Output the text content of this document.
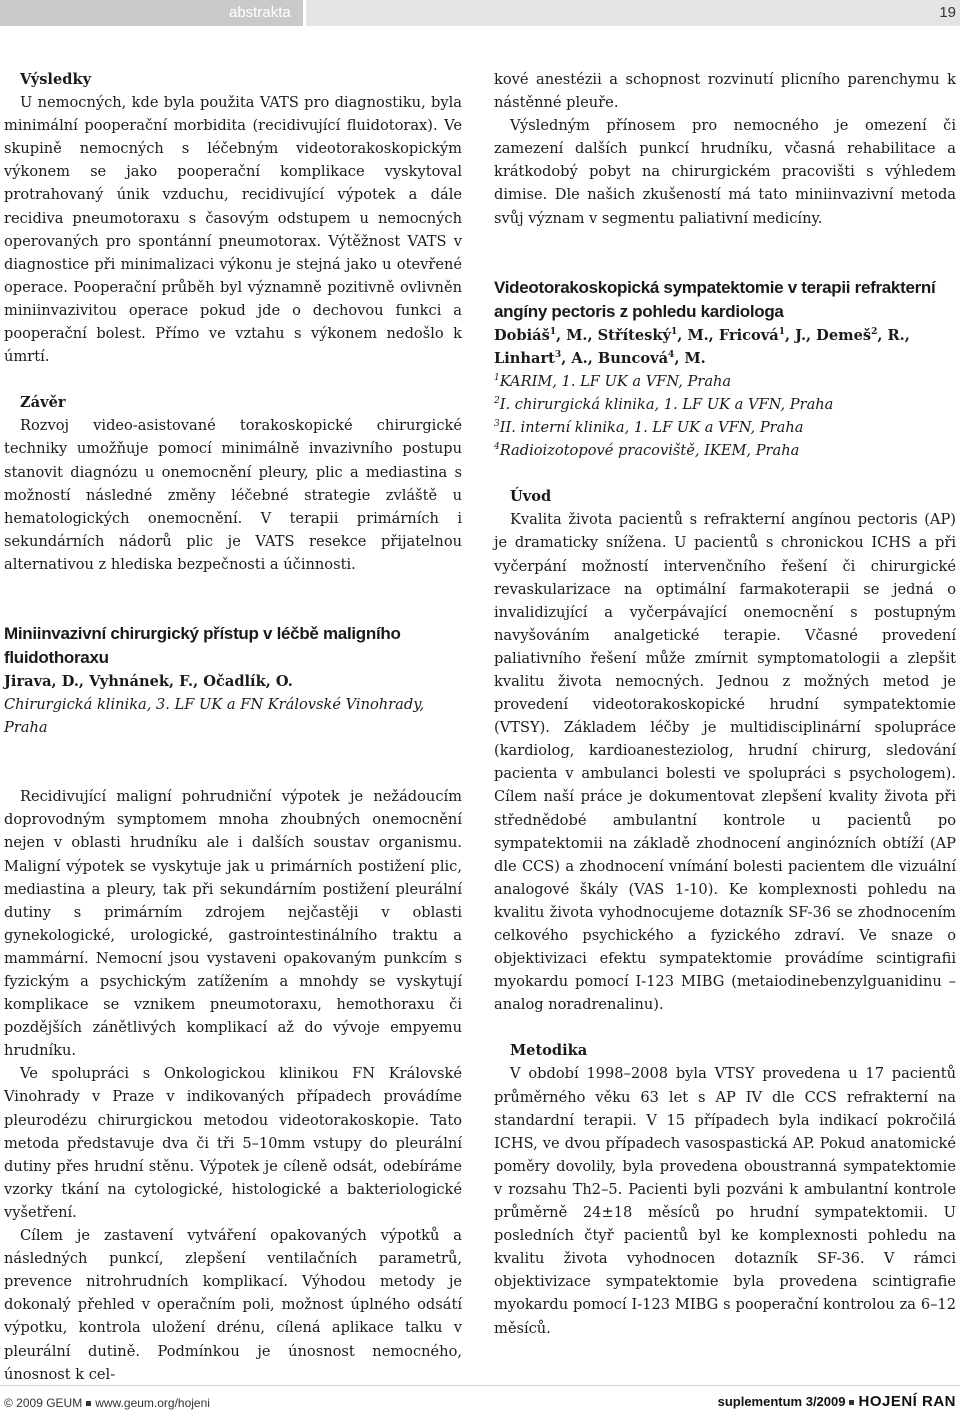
abstrakta	19
Výsledky

U nemocných, kde byla použita VATS pro diagnostiku, byla minimální pooperační morbidita (recidivující fluidotorax). Ve skupině nemocných s léčebným videotorakoskopickým výkonem se jako pooperační komplikace vyskytoval protrahovaný únik vzduchu, recidivující výpotek a dále recidiva pneumotoraxu s časovým odstupem u nemocných operovaných pro spontánní pneumotorax. Výtěžnost VATS v diagnostice při minimalizaci výkonu je stejná jako u otevřené operace. Pooperační průběh byl významně pozitivně ovlivněn miniinvazivitou operace pokud jde o dechovou funkci a pooperační bolest. Přímo ve vztahu s výkonem nedošlo k úmrtí.

Závěr

Rozvoj video-asistované torakoskopické chirurgické techniky umožňuje pomocí minimálně invazivního postupu stanovit diagnózu u onemocnění pleury, plic a mediastina s možností následné změny léčebné strategie zvláště u hematologických onemocnění. V terapii primárních i sekundárních nádorů plic je VATS resekce přijatelnou alternativou z hlediska bezpečnosti a účinnosti.

Miniinvazivní chirurgický přístup v léčbě maligního fluidothoraxu
Jirava, D., Vyhnánek, F., Očadlík, O.
Chirurgická klinika, 3. LF UK a FN Královské Vinohrady, Praha

Recidivující maligní pohrudniční výpotek je nežádoucím doprovodným symptomem mnoha zhoubných onemocnění nejen v oblasti hrudníku ale i dalších soustav organismu. Maligní výpotek se vyskytuje jak u primárních postižení plic, mediastina a pleury, tak při sekundárním postižení pleurální dutiny s primárním zdrojem nejčastěji v oblasti gynekologické, urologické, gastrointestinálního traktu a mammární. Nemocní jsou vystaveni opakovaným punkcím s fyzickým a psychickým zatížením a mnohdy se vyskytují komplikace se vznikem pneumotoraxu, hemothoraxu či pozdějších zánětlivých komplikací až do vývoje empyemu hrudníku.

Ve spolupráci s Onkologickou klinikou FN Královské Vinohrady v Praze v indikovaných případech provádíme pleurodézu chirurgickou metodou videotorakoskopie. Tato metoda představuje dva či tři 5–10mm vstupy do pleurální dutiny přes hrudní stěnu. Výpotek je cíleně odsát, odebíráme vzorky tkání na cytologické, histologické a bakteriologické vyšetření.

Cílem je zastavení vytváření opakovaných výpotků a následných punkcí, zlepšení ventilačních parametrů, prevence nitrohrudních komplikací. Výhodou metody je dokonalý přehled v operačním poli, možnost úplného odsátí výpotku, kontrola uložení drénu, cílená aplikace talku v pleurální dutině. Podmínkou je únosnost nemocného, únosnost k cel-

kové anestézii a schopnost rozvinutí plicního parenchymu k nástěnné pleuře.

Výsledným přínosem pro nemocného je omezení či zamezení dalších punkcí hrudníku, včasná rehabilitace a krátkodobý pobyt na chirurgickém pracovišti s výhledem dimise. Dle našich zkušeností má tato miniinvazivní metoda svůj význam v segmentu paliativní medicíny.

Videotorakoskopická sympatektomie v terapii refrakterní angíny pectoris z pohledu kardiologa
Dobiáš$^1$, M., Stříteský$^1$, M., Fricová$^1$, J., Demeš$^2$, R., Linhart$^3$, A., Buncová$^4$, M.
$^1$KARIM, 1. LF UK a VFN, Praha
$^2$I. chirurgická klinika, 1. LF UK a VFN, Praha
$^3$II. interní klinika, 1. LF UK a VFN, Praha
$^4$Radioizotopové pracoviště, IKEM, Praha
Úvod

Kvalita života pacientů s refrakterní angínou pectoris (AP) je dramaticky snížena. U pacientů s chronickou ICHS a při vyčerpání možností intervenčního řešení či chirurgické revaskularizace na optimální farmakoterapii se jedná o invalidizující a vyčerpávající onemocnění s postupným navyšováním analgetické terapie. Včasné provedení paliativního řešení může zmírnit symptomatologii a zlepšit kvalitu života nemocných. Jednou z možných metod je provedení videotorakoskopické hrudní sympatektomie (VTSY). Základem léčby je multidisciplinární spolupráce (kardiolog, kardioanesteziolog, hrudní chirurg, sledování pacienta v ambulanci bolesti ve spolupráci s psychologem). Cílem naší práce je dokumentovat zlepšení kvality života při střednědobé ambulantní kontrole u pacientů po sympatektomii na základě zhodnocení anginózních obtíží (AP dle CCS) a zhodnocení vnímání bolesti pacientem dle vizuální analogové škály (VAS 1-10). Ke komplexnosti pohledu na kvalitu života vyhodnocujeme dotazník SF-36 se zhodnocením celkového psychického a fyzického zdraví. Ve snaze o objektivizaci efektu sympatektomie provádíme scintigrafii myokardu pomocí I-123 MIBG (metaiodinebenzylguanidinu – analog noradrenalinu).

Metodika

V období 1998–2008 byla VTSY provedena u 17 pacientů průměrného věku 63 let s AP IV dle CCS refrakterní na standardní terapii. V 15 případech byla indikací pokročilá ICHS, ve dvou případech vasospastická AP. Pokud anatomické poměry dovolily, byla provedena oboustranná sympatektomie v rozsahu Th2–5. Pacienti byli pozváni k ambulantní kontrole průměrně 24±18 měsíců po hrudní sympatektomii. U posledních čtyř pacientů byl ke komplexnosti pohledu na kvalitu života vyhodnocen dotazník SF-36. V rámci objektivizace sympatektomie byla provedena scintigrafie myokardu pomocí I-123 MIBG s pooperační kontrolou za 6–12 měsíců.

© 2009 GEUM www.geum.org/hojeni	suplementum 3/2009 HOJENÍ RAN
